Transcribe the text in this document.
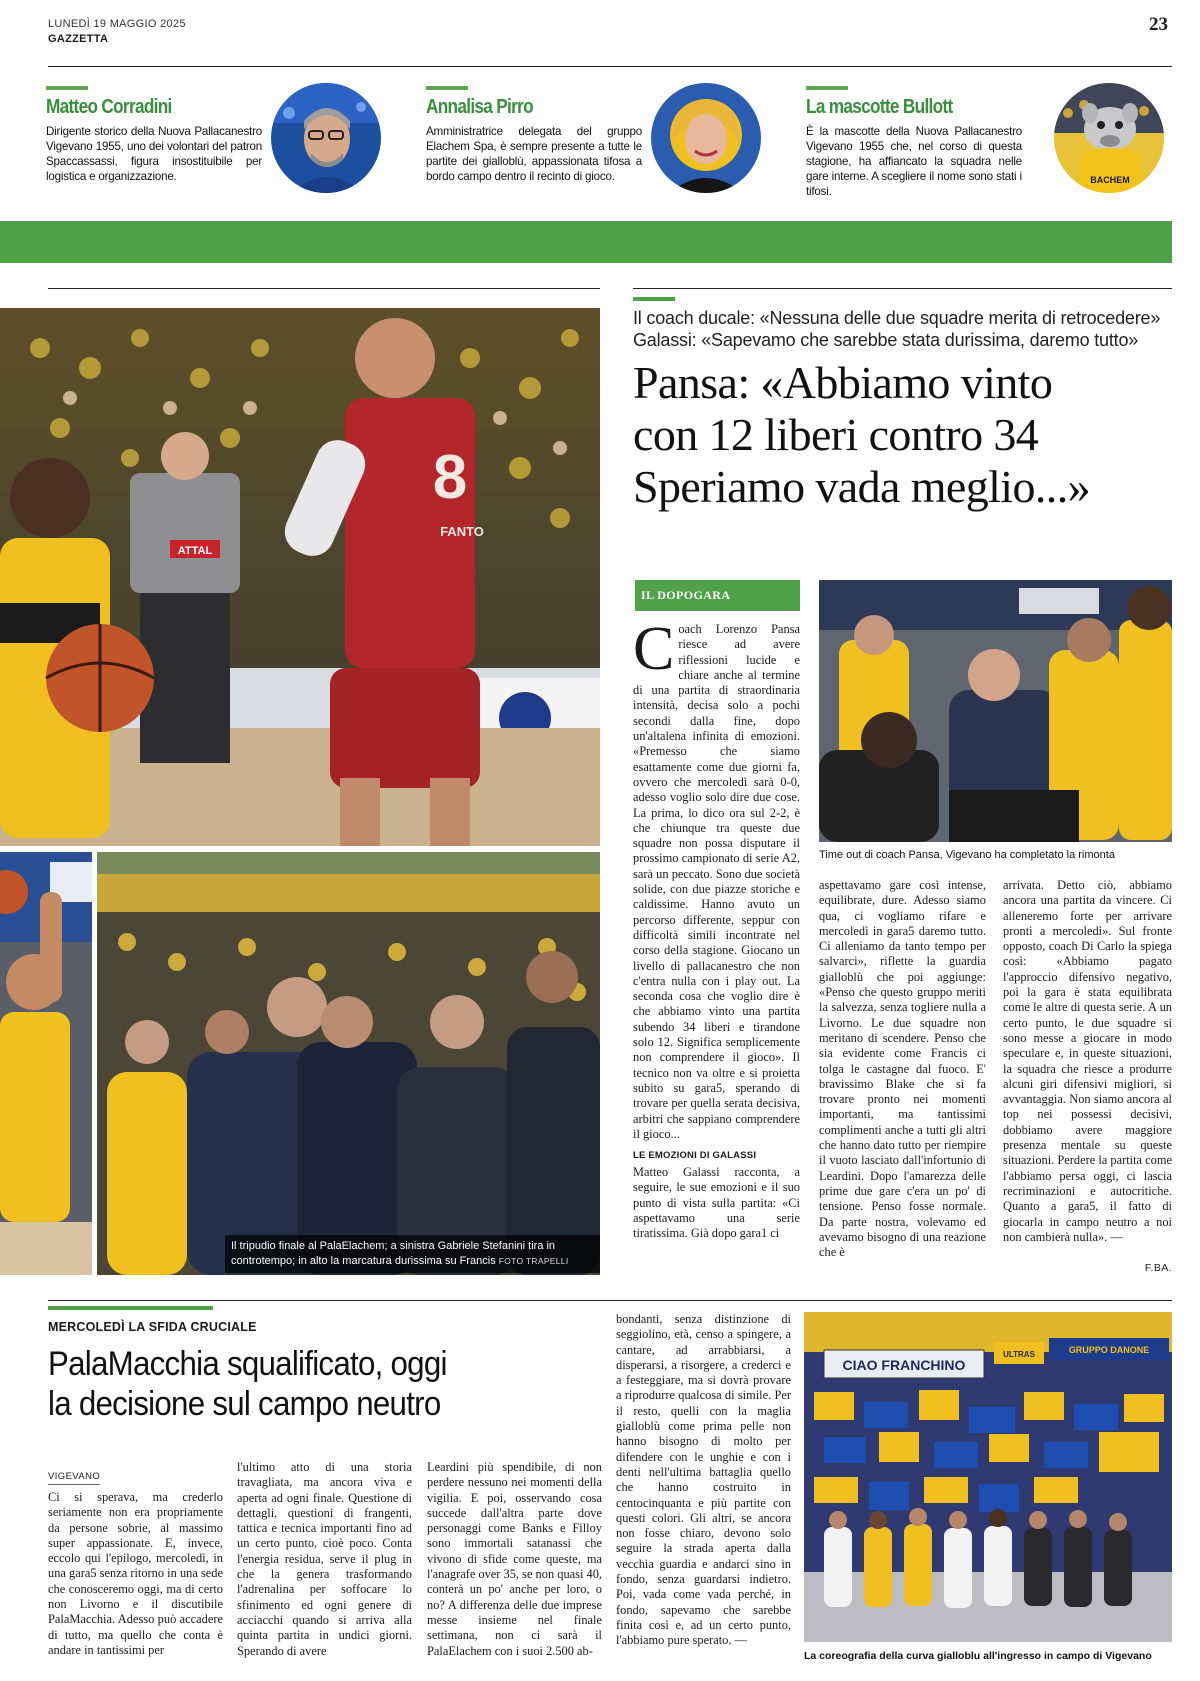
LUNEDÌ 19 MAGGIO 2025
GAZZETTA
23
Matteo Corradini
Dirigente storico della Nuova Pallacanestro Vigevano 1955, uno dei volontari del patron Spaccassassi, figura insostituibile per logistica e organizzazione.
Annalisa Pirro
Amministratrice delegata del gruppo Elachem Spa, è sempre presente a tutte le partite dei gialloblù, appassionata tifosa a bordo campo dentro il recinto di gioco.
La mascotte Bullott
È la mascotte della Nuova Pallacanestro Vigevano 1955 che, nel corso di questa stagione, ha affiancato la squadra nelle gare interne. A scegliere il nome sono stati i tifosi.
BACHEM
ATTAL
8
FANTO
Il tripudio finale al PalaElachem; a sinistra Gabriele Stefanini tira in controtempo; in alto la marcatura durissima su Francis FOTO TRAPELLI
Il coach ducale: «Nessuna delle due squadre merita di retrocedere»
Galassi: «Sapevamo che sarebbe stata durissima, daremo tutto»
Pansa: «Abbiamo vinto
con 12 liberi contro 34
Speriamo vada meglio...»
IL DOPOGARA
Time out di coach Pansa, Vigevano ha completato la rimonta
Coach Lorenzo Pansa riesce ad avere riflessioni lucide e chiare anche al termine di una partita di straordinaria intensità, decisa solo a pochi secondi dalla fine, dopo un'altalena infinita di emozioni. «Premesso che siamo esattamente come due giorni fa, ovvero che mercoledì sarà 0-0, adesso voglio solo dire due cose. La prima, lo dico ora sul 2-2, è che chiunque tra queste due squadre non possa disputare il prossimo campionato di serie A2, sarà un peccato. Sono due società solide, con due piazze storiche e caldissime. Hanno avuto un percorso differente, seppur con difficoltà simili incontrate nel corso della stagione. Giocano un livello di pallacanestro che non c'entra nulla con i play out. La seconda cosa che voglio dire è che abbiamo vinto una partita subendo 34 liberi e tirandone solo 12. Significa semplicemente non comprendere il gioco». Il tecnico non va oltre e si proietta subito su gara5, sperando di trovare per quella serata decisiva, arbitri che sappiano comprendere il gioco...
LE EMOZIONI DI GALASSI
Matteo Galassi racconta, a seguire, le sue emozioni e il suo punto di vista sulla partita: «Ci aspettavamo una serie tiratissima. Già dopo gara1 ci
aspettavamo gare così intense, equilibrate, dure. Adesso siamo qua, ci vogliamo rifare e mercoledì in gara5 daremo tutto. Ci alleniamo da tanto tempo per salvarci», riflette la guardia gialloblù che poi aggiunge: «Penso che questo gruppo meriti la salvezza, senza togliere nulla a Livorno. Le due squadre non meritano di scendere. Penso che sia evidente come Francis ci tolga le castagne dal fuoco. E' bravissimo Blake che si fa trovare pronto nei momenti importanti, ma tantissimi complimenti anche a tutti gli altri che hanno dato tutto per riempire il vuoto lasciato dall'infortunio di Leardini. Dopo l'amarezza delle prime due gare c'era un po' di tensione. Penso fosse normale. Da parte nostra, volevamo ed avevamo bisogno di una reazione che è
arrivata. Detto ciò, abbiamo ancora una partita da vincere. Ci alleneremo forte per arrivare pronti a mercoledì». Sul fronte opposto, coach Di Carlo la spiega così: «Abbiamo pagato l'approccio difensivo negativo, poi la gara è stata equilibrata come le altre di questa serie. A un certo punto, le due squadre si sono messe a giocare in modo speculare e, in queste situazioni, la squadra che riesce a produrre alcuni giri difensivi migliori, si avvantaggia. Non siamo ancora al top nei possessi decisivi, dobbiamo avere maggiore presenza mentale su queste situazioni. Perdere la partita come l'abbiamo persa oggi, ci lascia recriminazioni e autocritiche. Quanto a gara5, il fatto di giocarla in campo neutro a noi non cambierà nulla». —
F.BA.
MERCOLEDÌ LA SFIDA CRUCIALE
PalaMacchia squalificato, oggi
la decisione sul campo neutro
VIGEVANO
Ci si sperava, ma crederlo seriamente non era propriamente da persone sobrie, al massimo super appassionate. E, invece, eccolo qui l'epilogo, mercoledì, in una gara5 senza ritorno in una sede che conosceremo oggi, ma di certo non Livorno e il discutibile PalaMacchia. Adesso può accadere di tutto, ma quello che conta è andare in tantissimi per
l'ultimo atto di una storia travagliata, ma ancora viva e aperta ad ogni finale. Questione di dettagli, questioni di frangenti, tattica e tecnica importanti fino ad un certo punto, cioè poco. Conta l'energia residua, serve il plug in che la genera trasformando l'adrenalina per soffocare lo sfinimento ed ogni genere di acciacchi quando si arriva alla quinta partita in undici giorni. Sperando di avere
Leardini più spendibile, di non perdere nessuno nei momenti della vigilia. E poi, osservando cosa succede dall'altra parte dove personaggi come Banks e Filloy sono immortali satanassi che vivono di sfide come queste, ma l'anagrafe over 35, se non quasi 40, conterà un po' anche per loro, o no? A differenza delle due imprese messe insieme nel finale settimana, non ci sarà il PalaElachem con i suoi 2.500 ab-
bondanti, senza distinzione di seggiolino, età, censo a spingere, a cantare, ad arrabbiarsi, a disperarsi, a risorgere, a crederci e a festeggiare, ma si dovrà provare a riprodurre qualcosa di simile. Per il resto, quelli con la maglia gialloblù come prima pelle non hanno bisogno di molto per difendere con le unghie e con i denti nell'ultima battaglia quello che hanno costruito in centocinquanta e più partite con questi colori. Gli altri, se ancora non fosse chiaro, devono solo seguire la strada aperta dalla vecchia guardia e andarci sino in fondo, senza guardarsi indietro. Poi, vada come vada perché, in fondo, sapevamo che sarebbe finita così e, ad un certo punto, l'abbiamo pure sperato. —
CIAO FRANCHINO
ULTRAS	GRUPPO DANONE
La coreografia della curva gialloblu all'ingresso in campo di Vigevano
